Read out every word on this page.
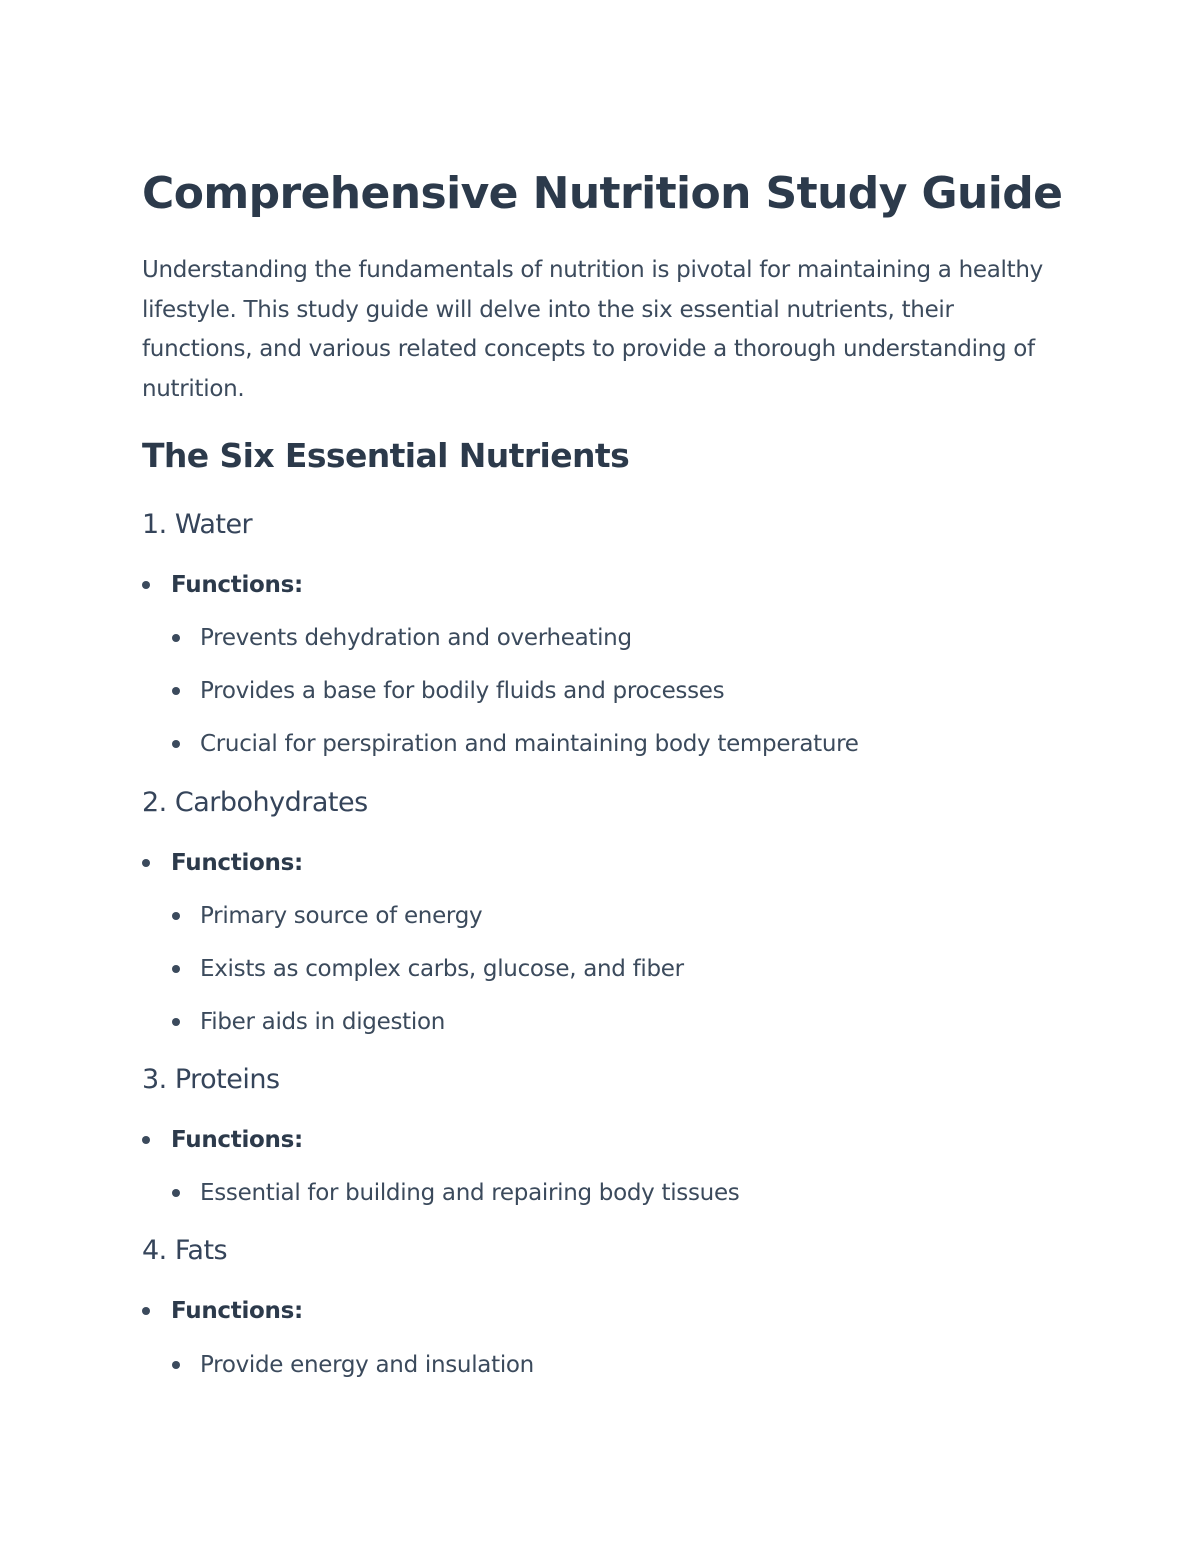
Comprehensive Nutrition Study Guide

Understanding the fundamentals of nutrition is pivotal for maintaining a healthy lifestyle. This study guide will delve into the six essential nutrients, their functions, and various related concepts to provide a thorough understanding of nutrition.

The Six Essential Nutrients
1. Water
Functions:
Prevents dehydration and overheating
Provides a base for bodily fluids and processes
Crucial for perspiration and maintaining body temperature
2. Carbohydrates
Functions:
Primary source of energy
Exists as complex carbs, glucose, and fiber
Fiber aids in digestion
3. Proteins
Functions:
Essential for building and repairing body tissues
4. Fats
Functions:
Provide energy and insulation
